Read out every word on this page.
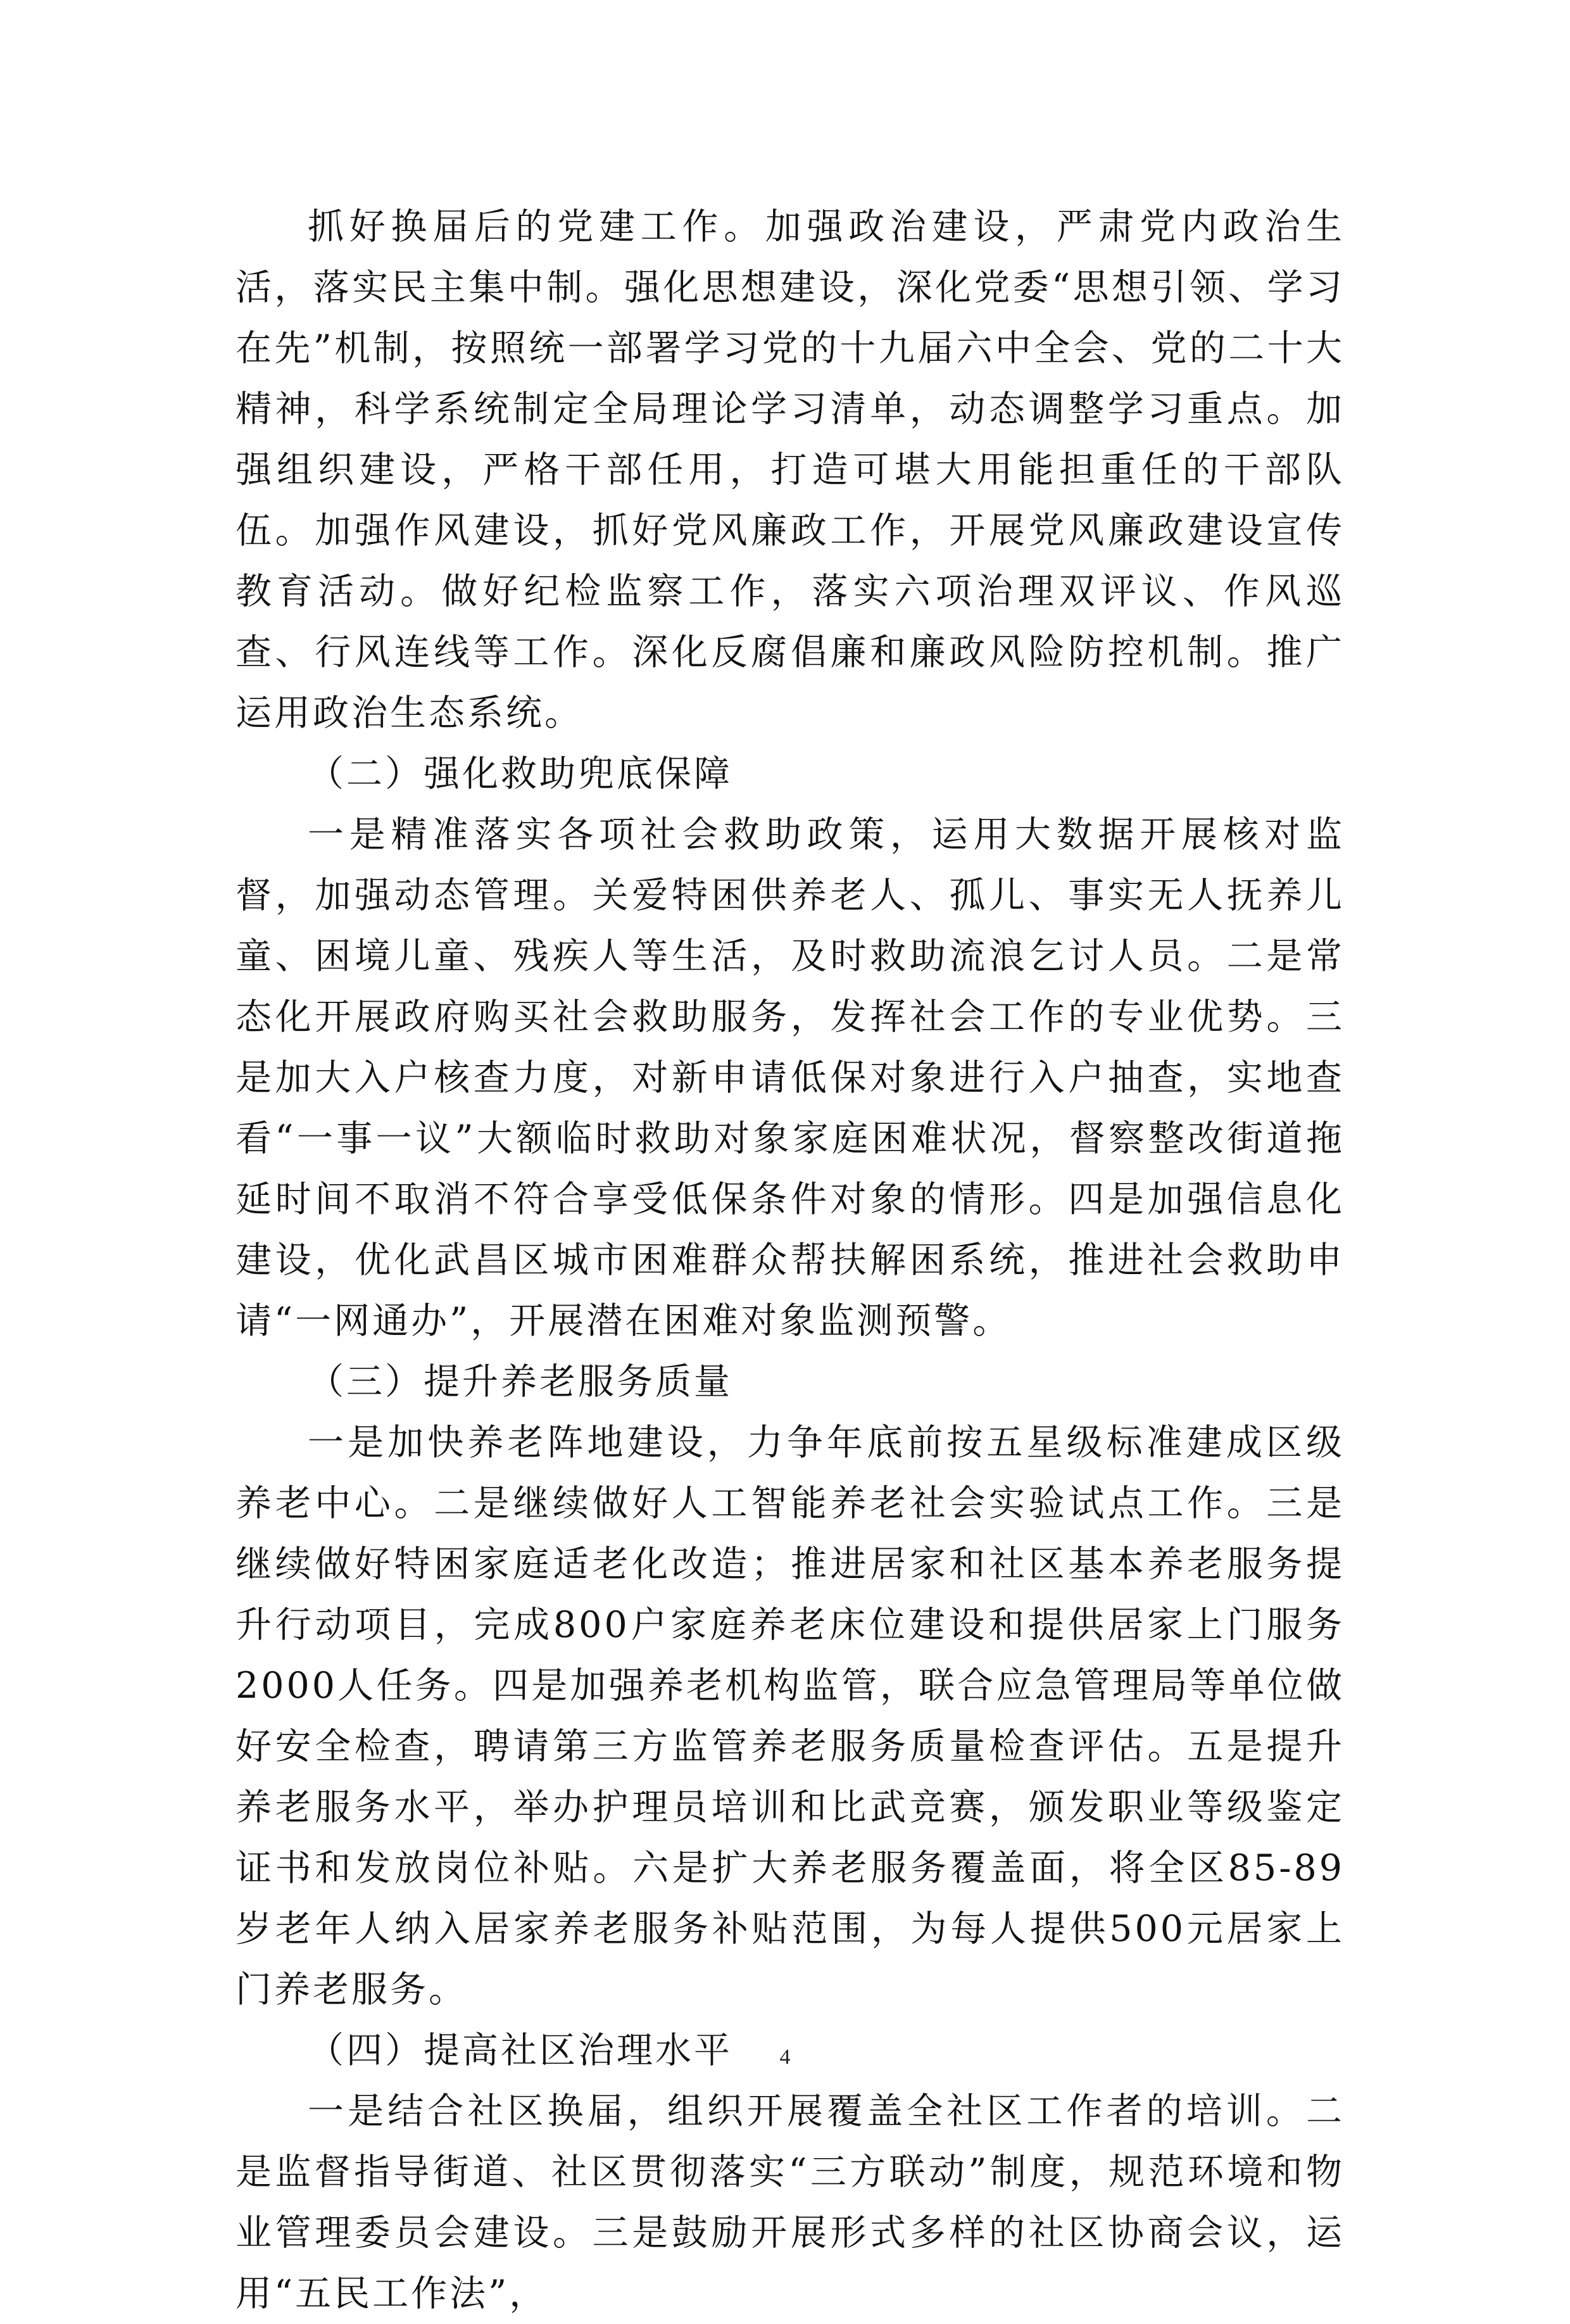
抓好换届后的党建工作。加强政治建设，严肃党内政治生活，落实民主集中制。强化思想建设，深化党委“思想引领、学习在先”机制，按照统一部署学习党的十九届六中全会、党的二十大精神，科学系统制定全局理论学习清单，动态调整学习重点。加强组织建设，严格干部任用，打造可堪大用能担重任的干部队伍。加强作风建设，抓好党风廉政工作，开展党风廉政建设宣传教育活动。做好纪检监察工作，落实六项治理双评议、作风巡查、行风连线等工作。深化反腐倡廉和廉政风险防控机制。推广运用政治生态系统。

（二）强化救助兜底保障

一是精准落实各项社会救助政策，运用大数据开展核对监督，加强动态管理。关爱特困供养老人、孤儿、事实无人抚养儿童、困境儿童、残疾人等生活，及时救助流浪乞讨人员。二是常态化开展政府购买社会救助服务，发挥社会工作的专业优势。三是加大入户核查力度，对新申请低保对象进行入户抽查，实地查看“一事一议”大额临时救助对象家庭困难状况，督察整改街道拖延时间不取消不符合享受低保条件对象的情形。四是加强信息化建设，优化武昌区城市困难群众帮扶解困系统，推进社会救助申请“一网通办”，开展潜在困难对象监测预警。

（三）提升养老服务质量

一是加快养老阵地建设，力争年底前按五星级标准建成区级养老中心。二是继续做好人工智能养老社会实验试点工作。三是继续做好特困家庭适老化改造；推进居家和社区基本养老服务提升行动项目，完成800户家庭养老床位建设和提供居家上门服务2000人任务。四是加强养老机构监管，联合应急管理局等单位做好安全检查，聘请第三方监管养老服务质量检查评估。五是提升养老服务水平，举办护理员培训和比武竞赛，颁发职业等级鉴定证书和发放岗位补贴。六是扩大养老服务覆盖面，将全区85-89岁老年人纳入居家养老服务补贴范围，为每人提供500元居家上门养老服务。

（四）提高社区治理水平

一是结合社区换届，组织开展覆盖全社区工作者的培训。二是监督指导街道、社区贯彻落实“三方联动”制度，规范环境和物业管理委员会建设。三是鼓励开展形式多样的社区协商会议，运用“五民工作法”，

4
